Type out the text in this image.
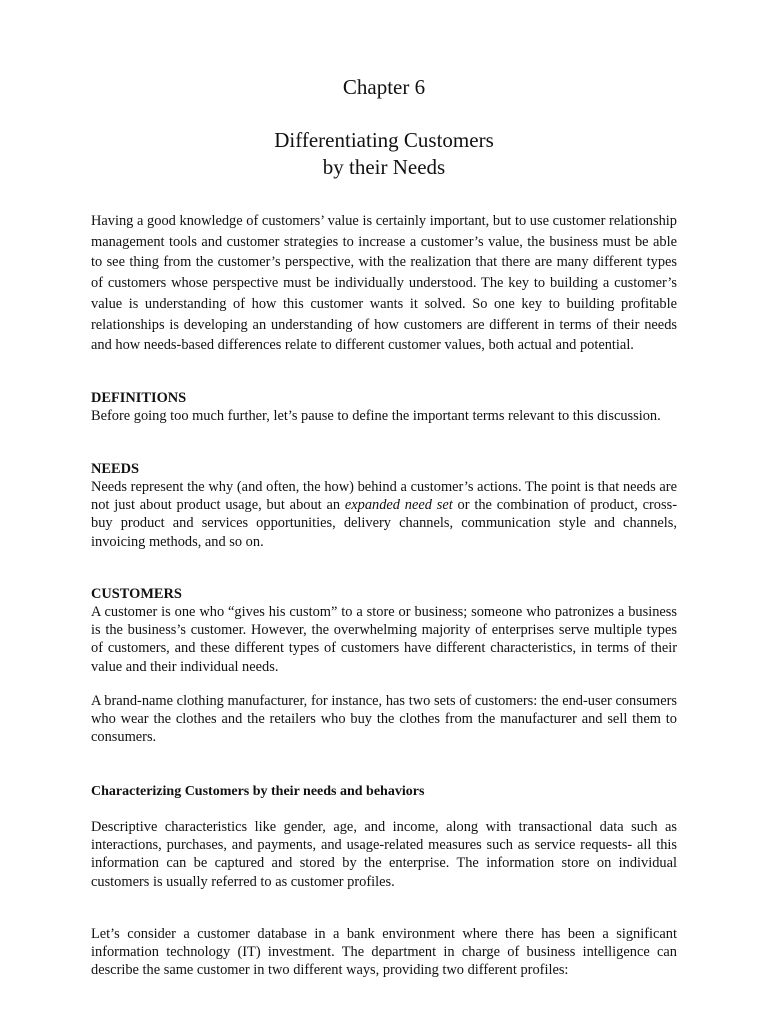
Chapter 6
Differentiating Customers
by their Needs

Having a good knowledge of customers’ value is certainly important, but to use customer relationship management tools and customer strategies to increase a customer’s value, the business must be able to see thing from the customer’s perspective, with the realization that there are many different types of customers whose perspective must be individually understood. The key to building a customer’s value is understanding of how this customer wants it solved. So one key to building profitable relationships is developing an understanding of how customers are different in terms of their needs and how needs-based differences relate to different customer values, both actual and potential.

DEFINITIONS

Before going too much further, let’s pause to define the important terms relevant to this discussion.

NEEDS

Needs represent the why (and often, the how) behind a customer’s actions. The point is that needs are not just about product usage, but about an expanded need set or the combination of product, cross-buy product and services opportunities, delivery channels, communication style and channels, invoicing methods, and so on.

CUSTOMERS

A customer is one who “gives his custom” to a store or business; someone who patronizes a business is the business’s customer. However, the overwhelming majority of enterprises serve multiple types of customers, and these different types of customers have different characteristics, in terms of their value and their individual needs.

A brand-name clothing manufacturer, for instance, has two sets of customers: the end-user consumers who wear the clothes and the retailers who buy the clothes from the manufacturer and sell them to consumers.

Characterizing Customers by their needs and behaviors

Descriptive characteristics like gender, age, and income, along with transactional data such as interactions, purchases, and payments, and usage-related measures such as service requests- all this information can be captured and stored by the enterprise. The information store on individual customers is usually referred to as customer profiles.

Let’s consider a customer database in a bank environment where there has been a significant information technology (IT) investment. The department in charge of business intelligence can describe the same customer in two different ways, providing two different profiles:
